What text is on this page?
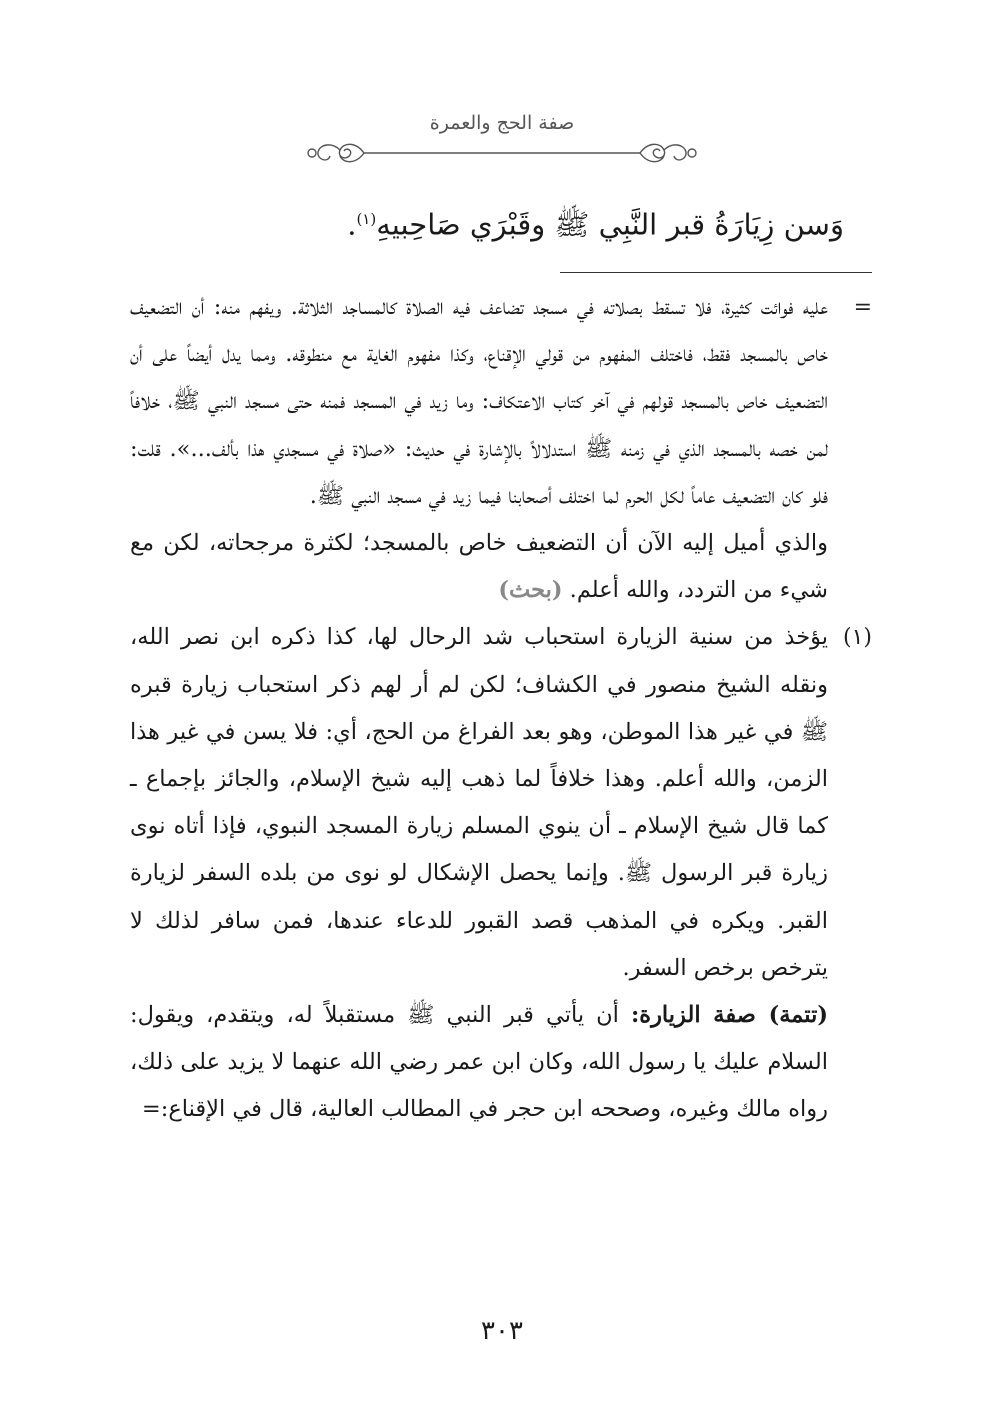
صفة الحج والعمرة
وَسن زِيَارَةُ قبر النَّبِي ﷺ وقَبْرَي صَاحِبيهِ$^{(١)}$.
=

عليه فوائت كثيرة، فلا تسقط بصلاته في مسجد تضاعف فيه الصلاة كالمساجد الثلاثة. ويفهم منه: أن التضعيف خاص بالمسجد فقط، فاختلف المفهوم من قولي الإقناع، وكذا مفهوم الغاية مع منطوقه. ومما يدل أيضاً على أن التضعيف خاص بالمسجد قولهم في آخر كتاب الاعتكاف: وما زيد في المسجد فمنه حتى مسجد النبي ﷺ، خلافاً لمن خصه بالمسجد الذي في زمنه ﷺ استدلالاً بالإشارة في حديث: «صلاة في مسجدي هذا بألف...». قلت: فلو كان التضعيف عاماً لكل الحرم لما اختلف أصحابنا فيما زيد في مسجد النبي ﷺ.

والذي أميل إليه الآن أن التضعيف خاص بالمسجد؛ لكثرة مرجحاته، لكن مع شيء من التردد، والله أعلم. (بحث)

(١)

يؤخذ من سنية الزيارة استحباب شد الرحال لها، كذا ذكره ابن نصر الله، ونقله الشيخ منصور في الكشاف؛ لكن لم أر لهم ذكر استحباب زيارة قبره ﷺ في غير هذا الموطن، وهو بعد الفراغ من الحج، أي: فلا يسن في غير هذا الزمن، والله أعلم. وهذا خلافاً لما ذهب إليه شيخ الإسلام، والجائز بإجماع ـ كما قال شيخ الإسلام ـ أن ينوي المسلم زيارة المسجد النبوي، فإذا أتاه نوى زيارة قبر الرسول ﷺ. وإنما يحصل الإشكال لو نوى من بلده السفر لزيارة القبر. ويكره في المذهب قصد القبور للدعاء عندها، فمن سافر لذلك لا يترخص برخص السفر.

(تتمة) صفة الزيارة: أن يأتي قبر النبي ﷺ مستقبلاً له، ويتقدم، ويقول: السلام عليك يا رسول الله، وكان ابن عمر رضي الله عنهما لا يزيد على ذلك، رواه مالك وغيره، وصححه ابن حجر في المطالب العالية، قال في الإقناع:=

٣٠٣
